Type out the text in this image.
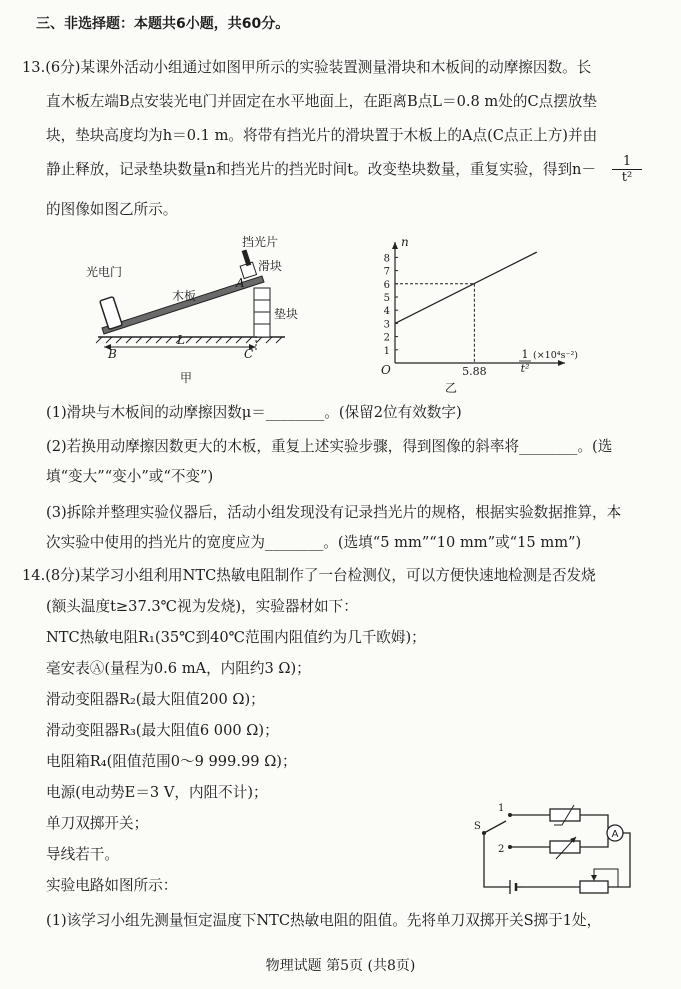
三、非选择题：本题共6小题，共60分。
13.(6分)某课外活动小组通过如图甲所示的实验装置测量滑块和木板间的动摩擦因数。长
直木板左端B点安装光电门并固定在水平地面上，在距离B点L＝0.8 m处的C点摆放垫
块，垫块高度均为h＝0.1 m。将带有挡光片的滑块置于木板上的A点(C点正上方)并由
静止释放，记录垫块数量n和挡光片的挡光时间t。改变垫块数量，重复实验，得到$n- \frac{1}{\text{t²}}$
的图像如图乙所示。
光电门
木板
挡光片
滑块
垫块
A
B	C
L
甲
1
2
3
4
5
6
7
8
n
O	5.88
1
t²
(×10⁴s⁻²)
乙
(1)滑块与木板间的动摩擦因数μ＝________。(保留2位有效数字)
(2)若换用动摩擦因数更大的木板，重复上述实验步骤，得到图像的斜率将________。(选
填“变大”“变小”或“不变”)
(3)拆除并整理实验仪器后，活动小组发现没有记录挡光片的规格，根据实验数据推算，本
次实验中使用的挡光片的宽度应为________。(选填“5 mm”“10 mm”或“15 mm”)
14.(8分)某学习小组利用NTC热敏电阻制作了一台检测仪，可以方便快速地检测是否发烧
(额头温度t≥37.3℃视为发烧)，实验器材如下：
NTC热敏电阻R₁(35℃到40℃范围内阻值约为几千欧姆)；
毫安表Ⓐ(量程为0.6 mA，内阻约3 Ω)；
滑动变阻器R₂(最大阻值200 Ω)；
滑动变阻器R₃(最大阻值6 000 Ω)；
电阻箱R₄(阻值范围0～9 999.99 Ω)；
电源(电动势E＝3 V，内阻不计)；
单刀双掷开关；
导线若干。
实验电路如图所示：
(1)该学习小组先测量恒定温度下NTC热敏电阻的阻值。先将单刀双掷开关S掷于1处，
A
1
2
S
物理试题 第5页 (共8页)
